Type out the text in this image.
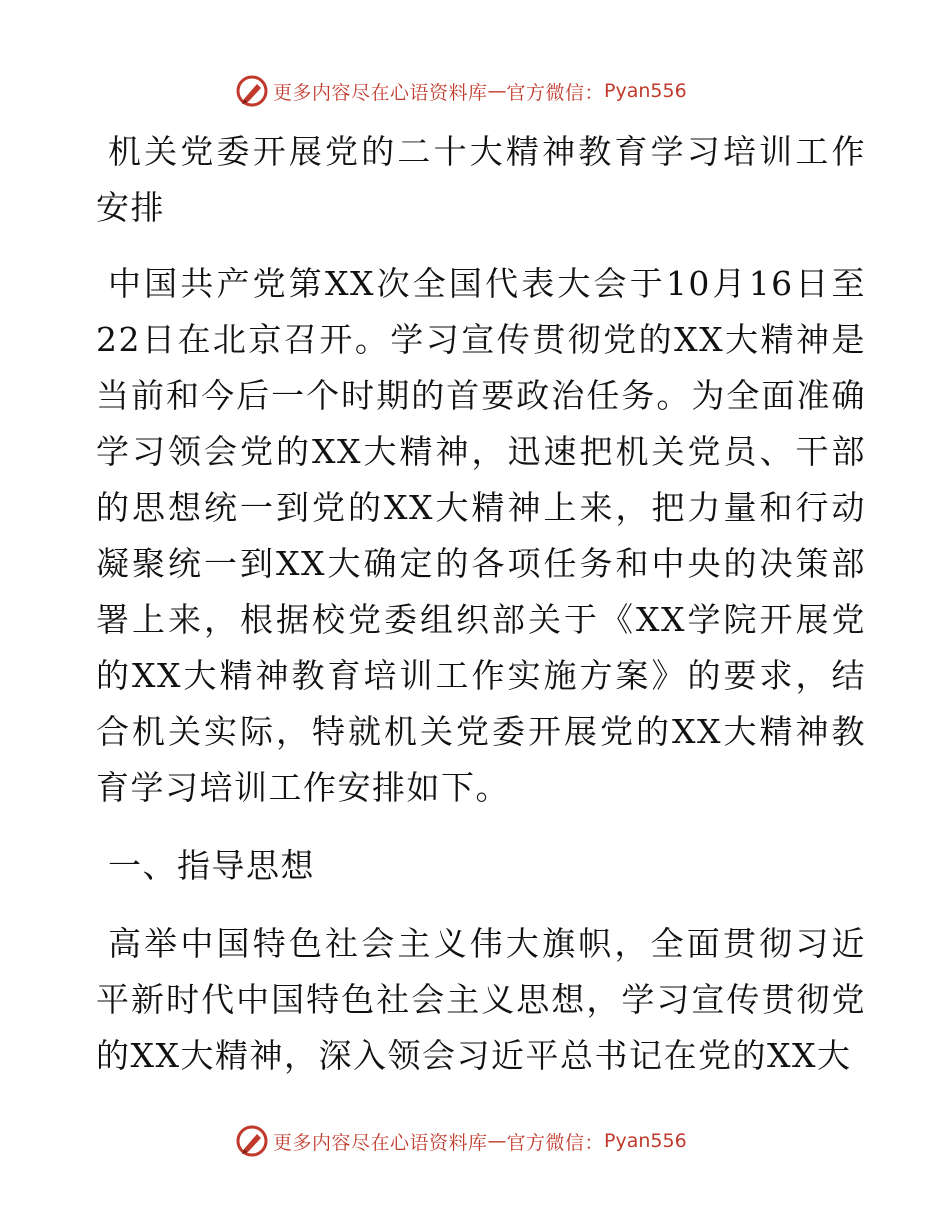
更多内容尽在心语资料库 — 官方微信： Pyan556

机关党委开展党的二十大精神教育学习培训工作安排

中国共产党第XX次全国代表大会于10月16日至22日在北京召开。学习宣传贯彻党的XX大精神是当前和今后一个时期的首要政治任务。为全面准确学习领会党的XX大精神，迅速把机关党员、干部的思想统一到党的XX大精神上来，把力量和行动凝聚统一到XX大确定的各项任务和中央的决策部署上来，根据校党委组织部关于《XX学院开展党的XX大精神教育培训工作实施方案》的要求，结合机关实际，特就机关党委开展党的XX大精神教育学习培训工作安排如下。

一、指导思想

高举中国特色社会主义伟大旗帜，全面贯彻习近平新时代中国特色社会主义思想，学习宣传贯彻党的XX大精神，深入领会习近平总书记在党的XX大

更多内容尽在心语资料库 — 官方微信： Pyan556
